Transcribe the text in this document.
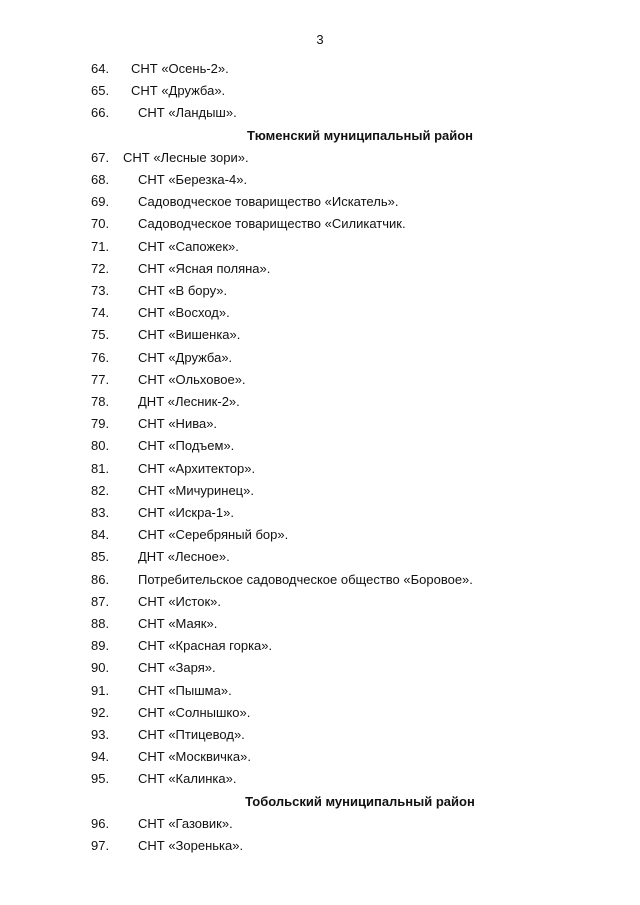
3
64. СНТ «Осень-2».
65. СНТ «Дружба».
66. СНТ «Ландыш».
Тюменский муниципальный район
67. СНТ «Лесные зори».
68. СНТ «Березка-4».
69. Садоводческое товарищество «Искатель».
70. Садоводческое товарищество «Силикатчик.
71. СНТ «Сапожек».
72. СНТ «Ясная поляна».
73. СНТ «В бору».
74. СНТ «Восход».
75. СНТ «Вишенка».
76. СНТ «Дружба».
77. СНТ «Ольховое».
78. ДНТ «Лесник-2».
79. СНТ «Нива».
80. СНТ «Подъем».
81. СНТ «Архитектор».
82. СНТ «Мичуринец».
83. СНТ «Искра-1».
84. СНТ «Серебряный бор».
85. ДНТ «Лесное».
86. Потребительское садоводческое общество «Боровое».
87. СНТ «Исток».
88. СНТ «Маяк».
89. СНТ «Красная горка».
90. СНТ «Заря».
91. СНТ «Пышма».
92. СНТ «Солнышко».
93. СНТ «Птицевод».
94. СНТ «Москвичка».
95. СНТ «Калинка».
Тобольский муниципальный район
96. СНТ «Газовик».
97. СНТ «Зоренька».
